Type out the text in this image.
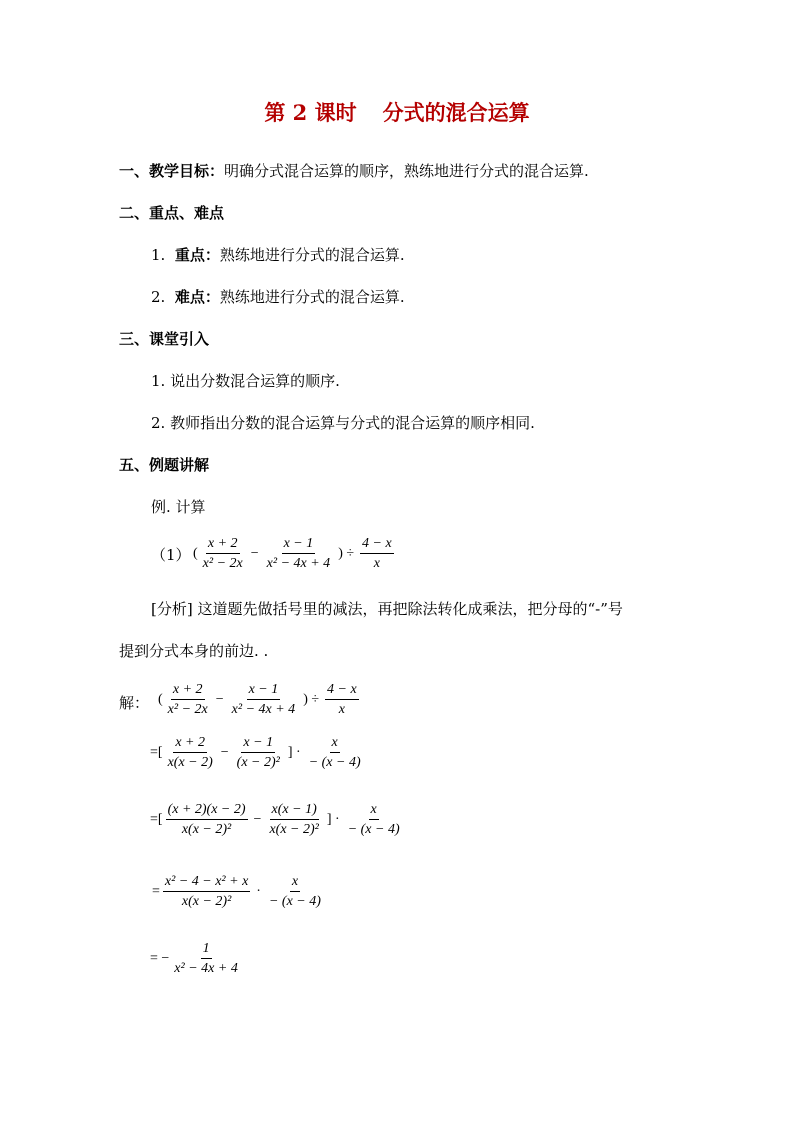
第 2 课时 分式的混合运算
一、教学目标：明确分式混合运算的顺序，熟练地进行分式的混合运算.
二、重点、难点
1. 重点：熟练地进行分式的混合运算.
2. 难点：熟练地进行分式的混合运算.
三、课堂引入
1. 说出分数混合运算的顺序.
2. 教师指出分数的混合运算与分式的混合运算的顺序相同.
五、例题讲解
例. 计算
（1） ( $\frac{x + 2}{\text{x² − 2x}} - \frac{x - 1}{\text{x² − 4x + 4}}$ ) ÷ $\frac{4 - x}{x}$
[分析] 这道题先做括号里的减法，再把除法转化成乘法，把分母的“-”号
提到分式本身的前边. .
解： ( $\frac{x + 2}{\text{x² − 2x}} - \frac{x - 1}{\text{x² − 4x + 4}}$ ) ÷ $\frac{4 - x}{x}$
=[ $\frac{x + 2}{x(x - 2)} - \frac{x - 1}{\text{(x − 2)²}}$ ] · $\frac{x}{- (x - 4)}$
=[ $\frac{(x + 2)(x - 2)}{\text{x(x − 2)²}} - \frac{x(x - 1)}{\text{x(x − 2)²}}$ ] · $\frac{x}{- (x - 4)}$
= $\frac{\text{x² − 4 − x² + x}}{\text{x(x − 2)²}} \cdot \frac{x}{- (x - 4)}$
= − $\frac{1}{\text{x² − 4x + 4}}$
